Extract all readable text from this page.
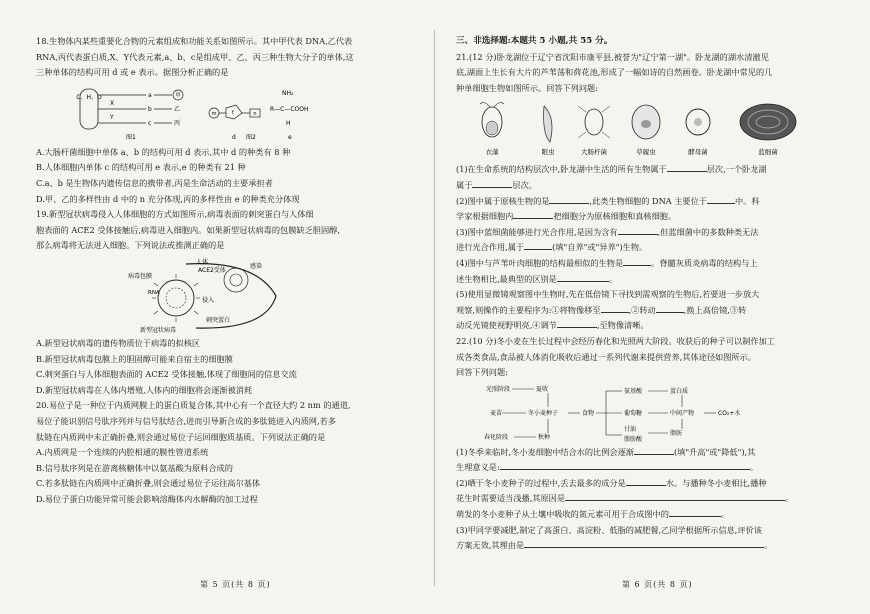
18.生物体内某些重要化合物的元素组成和功能关系如图所示。其中甲代表 DNA,乙代表

RNA,丙代表蛋白质,X、Y代表元素,a、b、c是组成甲、乙、丙三种生物大分子的单体,这

三种单体的结构可用 d 或 e 表示。据图分析正确的是

C、H、O
X
Y
a
b
c
甲
乙
丙
图1
m	f	n
d
NH₂
R—C—COOH
H
e
图2

A.大肠杆菌细胞中单体 a、b 的结构可用 d 表示,其中 d 的种类有 8 种

B.人体细胞内单体 c 的结构可用 e 表示,e 的种类有 21 种

C.a、b 是生物体内遗传信息的携带者,丙是生命活动的主要承担者

D.甲、乙的多样性由 d 中的 n 充分体现,丙的多样性由 e 的种类充分体现

19.新型冠状病毒侵入人体细胞的方式如图所示,病毒表面的刺突蛋白与人体细

胞表面的 ACE2 受体接触后,病毒进入细胞内。如果新型冠状病毒的包膜缺乏胆固醇,

那么病毒将无法进入细胞。下列说法或推测正确的是

人体
ACE2受体
感染
病毒包膜
RNA
侵入
刺突蛋白
新型冠状病毒

A.新型冠状病毒的遗传物质位于病毒的拟核区

B.新型冠状病毒包膜上的胆固醇可能来自宿主的细胞膜

C.刺突蛋白与人体细胞表面的 ACE2 受体接触,体现了细胞间的信息交流

D.新型冠状病毒在人体内增殖,人体内的细胞将会逐渐被消耗

20.易位子是一种位于内质网膜上的蛋白质复合体,其中心有一个直径大约 2 nm 的通道,

易位子能识别信号肽序列并与信号肽结合,进而引导新合成的多肽链进入内质网,若多

肽链在内质网中未正确折叠,则会通过易位子运回细胞质基质。下列说法正确的是

A.内质网是一个连续的内腔相通的膜性管道系统

B.信号肽序列是在游离核糖体中以氨基酸为原料合成的

C.若多肽链在内质网中正确折叠,则会通过易位子运往高尔基体

D.易位子蛋白功能异常可能会影响溶酶体内水解酶的加工过程

三、非选择题:本题共 5 小题,共 55 分。

21.(12 分)卧龙湖位于辽宁省沈阳市康平县,被誉为"辽宁第一湖"。卧龙湖的湖水清澈见

底,湖面上生长有大片的芦苇荡和荷花池,形成了一幅如诗的自然画卷。卧龙湖中常见的几

种单细胞生物如图所示。回答下列问题:

衣藻	眼虫	大肠杆菌	草履虫	酵母菌	蓝细菌

(1)在生命系统的结构层次中,卧龙湖中生活的所有生物属于	层次,一个卧龙湖

属于	层次。

(2)图中属于原核生物的是	,此类生物细胞的 DNA 主要位于	中。科

学家根据细胞内	把细胞分为原核细胞和真核细胞。

(3)图中蓝细菌能够进行光合作用,是因为含有	,但蓝细菌中的多数种类无法

进行光合作用,属于	(填"自养"或"异养")生物。

(4)图中与芦苇叶肉细胞的结构最相似的生物是	。脊髓灰质炎病毒的结构与上

述生物相比,最典型的区别是	。

(5)使用显微镜观察图中生物时,先在低倍镜下寻找到需观察的生物后,若要进一步放大

观察,则操作的主要程序为:①将物像移至	,②转动	,换上高倍镜,③转

动反光镜使视野明亮,④调节	,至物像清晰。

22.(10 分)冬小麦在生长过程中会经历春化和光照两大阶段。收获后的种子可以制作加工

成各类食品,食品被人体消化吸收后通过一系列代谢来提供营养,其体途径如图所示。

回答下列问题:

光照阶段	夏收
麦苗	冬小麦种子	食物
春化阶段	秋种
氨基酸	蛋白质
葡萄糖	中间产物	CO₂+水
甘油
脂肪酸
脂肪

(1)冬季来临时,冬小麦细胞中结合水的比例会逐渐	(填"升高"或"降低"),其

生理意义是:	。

(2)晒干冬小麦种子的过程中,丢去最多的成分是	水。与播种冬小麦相比,播种

花生时需要适当浅播,其原因是	。

萌发的冬小麦种子从土壤中吸收的氮元素可用于合成图中的	。

(3)甲同学要减肥,制定了高蛋白、高淀粉、低脂的减肥餐,乙同学根据所示信息,评价该

方案无效,其理由是	。

第 5 页(共 8 页)	第 6 页(共 8 页)
